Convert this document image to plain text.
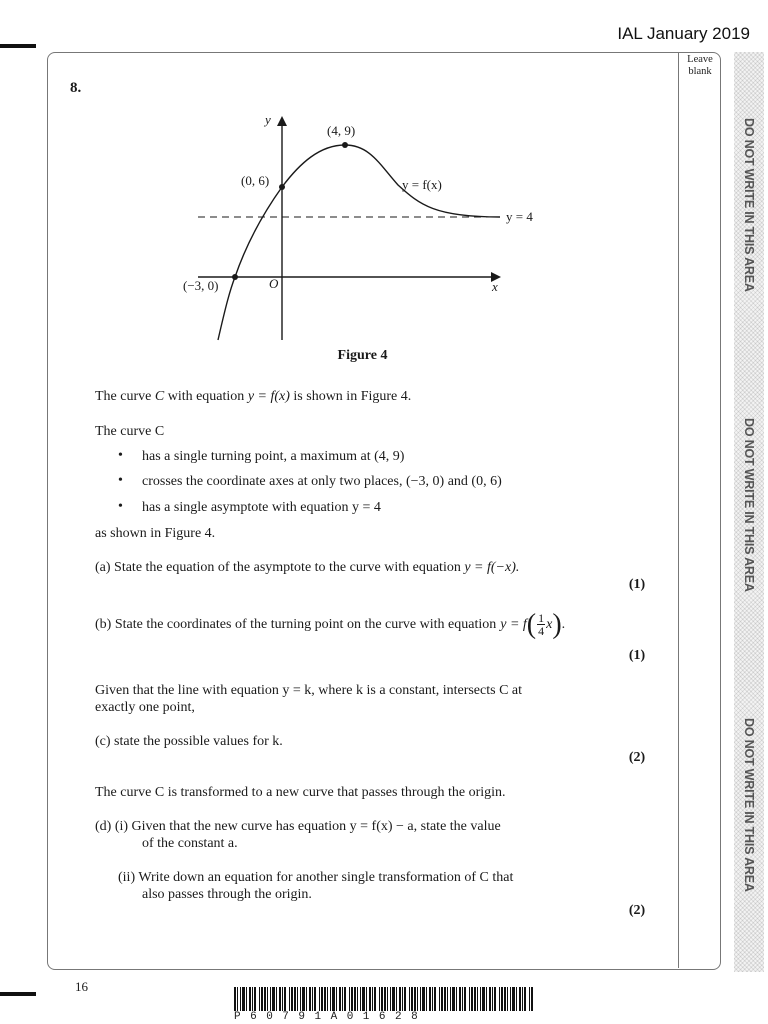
IAL January 2019
Leave blank
DO NOT WRITE IN THIS AREA
DO NOT WRITE IN THIS AREA
DO NOT WRITE IN THIS AREA
8.
y
x
O
(4, 9)
(0, 6)
(−3, 0)
y = f(x)
y = 4
Figure 4
The curve C with equation y = f(x) is shown in Figure 4.
The curve C
• has a single turning point, a maximum at (4, 9)
• crosses the coordinate axes at only two places, (−3, 0) and (0, 6)
• has a single asymptote with equation y = 4
as shown in Figure 4.
(a) State the equation of the asymptote to the curve with equation y = f(−x).
(1)
(b) State the coordinates of the turning point on the curve with equation y = f ( $\frac{1}{4}$ x ) .
(1)
Given that the line with equation y = k, where k is a constant, intersects C at
exactly one point,
(c) state the possible values for k.
(2)
The curve C is transformed to a new curve that passes through the origin.
(d) (i) Given that the new curve has equation y = f(x) − a, state the value
of the constant a.
(ii) Write down an equation for another single transformation of C that
also passes through the origin.
(2)
16
P60791A01628
